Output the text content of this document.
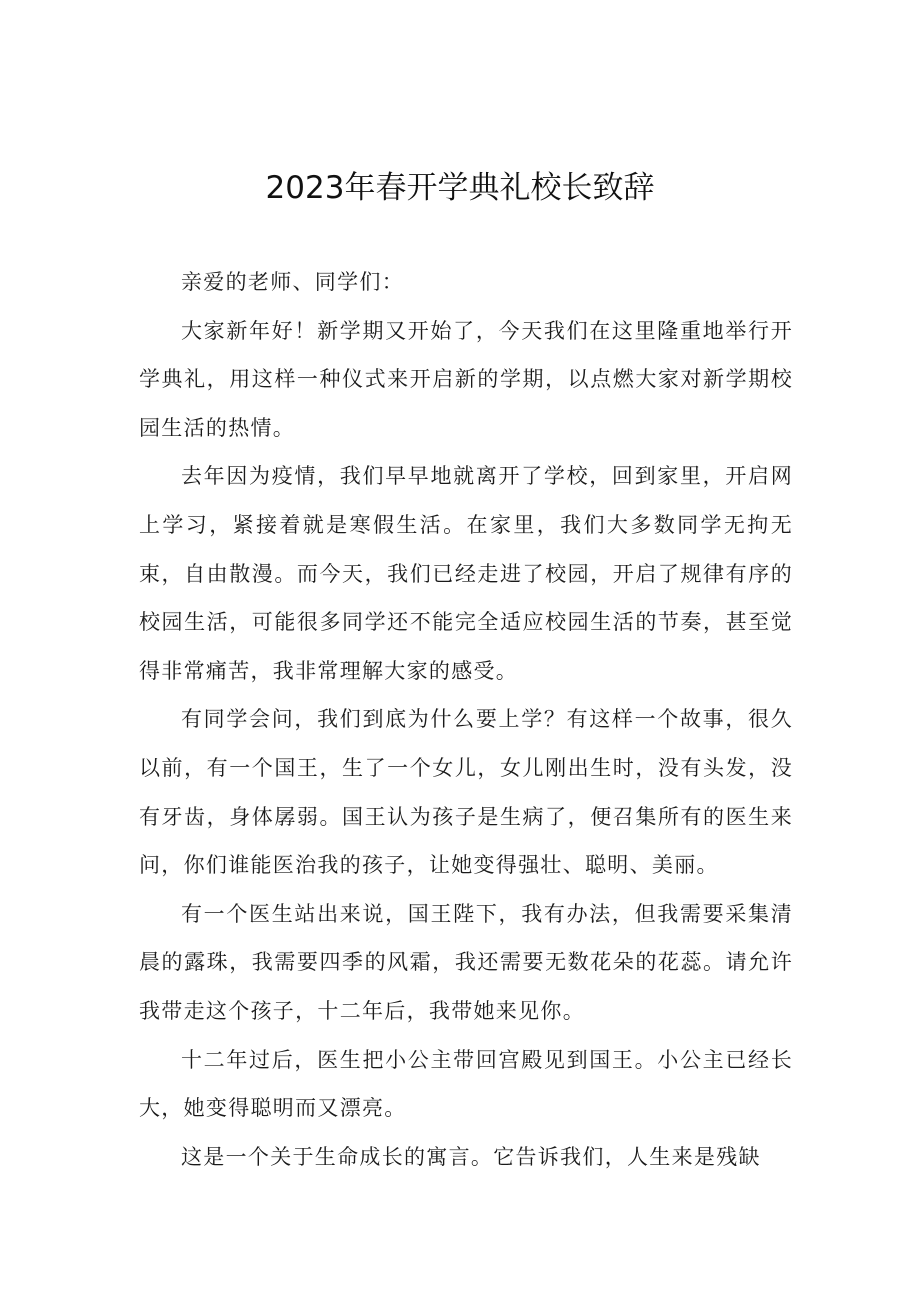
2023年春开学典礼校长致辞

亲爱的老师、同学们：

大家新年好！新学期又开始了，今天我们在这里隆重地举行开学典礼，用这样一种仪式来开启新的学期，以点燃大家对新学期校园生活的热情。

去年因为疫情，我们早早地就离开了学校，回到家里，开启网上学习，紧接着就是寒假生活。在家里，我们大多数同学无拘无束，自由散漫。而今天，我们已经走进了校园，开启了规律有序的校园生活，可能很多同学还不能完全适应校园生活的节奏，甚至觉得非常痛苦，我非常理解大家的感受。

有同学会问，我们到底为什么要上学？有这样一个故事，很久以前，有一个国王，生了一个女儿，女儿刚出生时，没有头发，没有牙齿，身体孱弱。国王认为孩子是生病了，便召集所有的医生来问，你们谁能医治我的孩子，让她变得强壮、聪明、美丽。

有一个医生站出来说，国王陛下，我有办法，但我需要采集清晨的露珠，我需要四季的风霜，我还需要无数花朵的花蕊。请允许我带走这个孩子，十二年后，我带她来见你。

十二年过后，医生把小公主带回宫殿见到国王。小公主已经长大，她变得聪明而又漂亮。

这是一个关于生命成长的寓言。它告诉我们，人生来是残缺
